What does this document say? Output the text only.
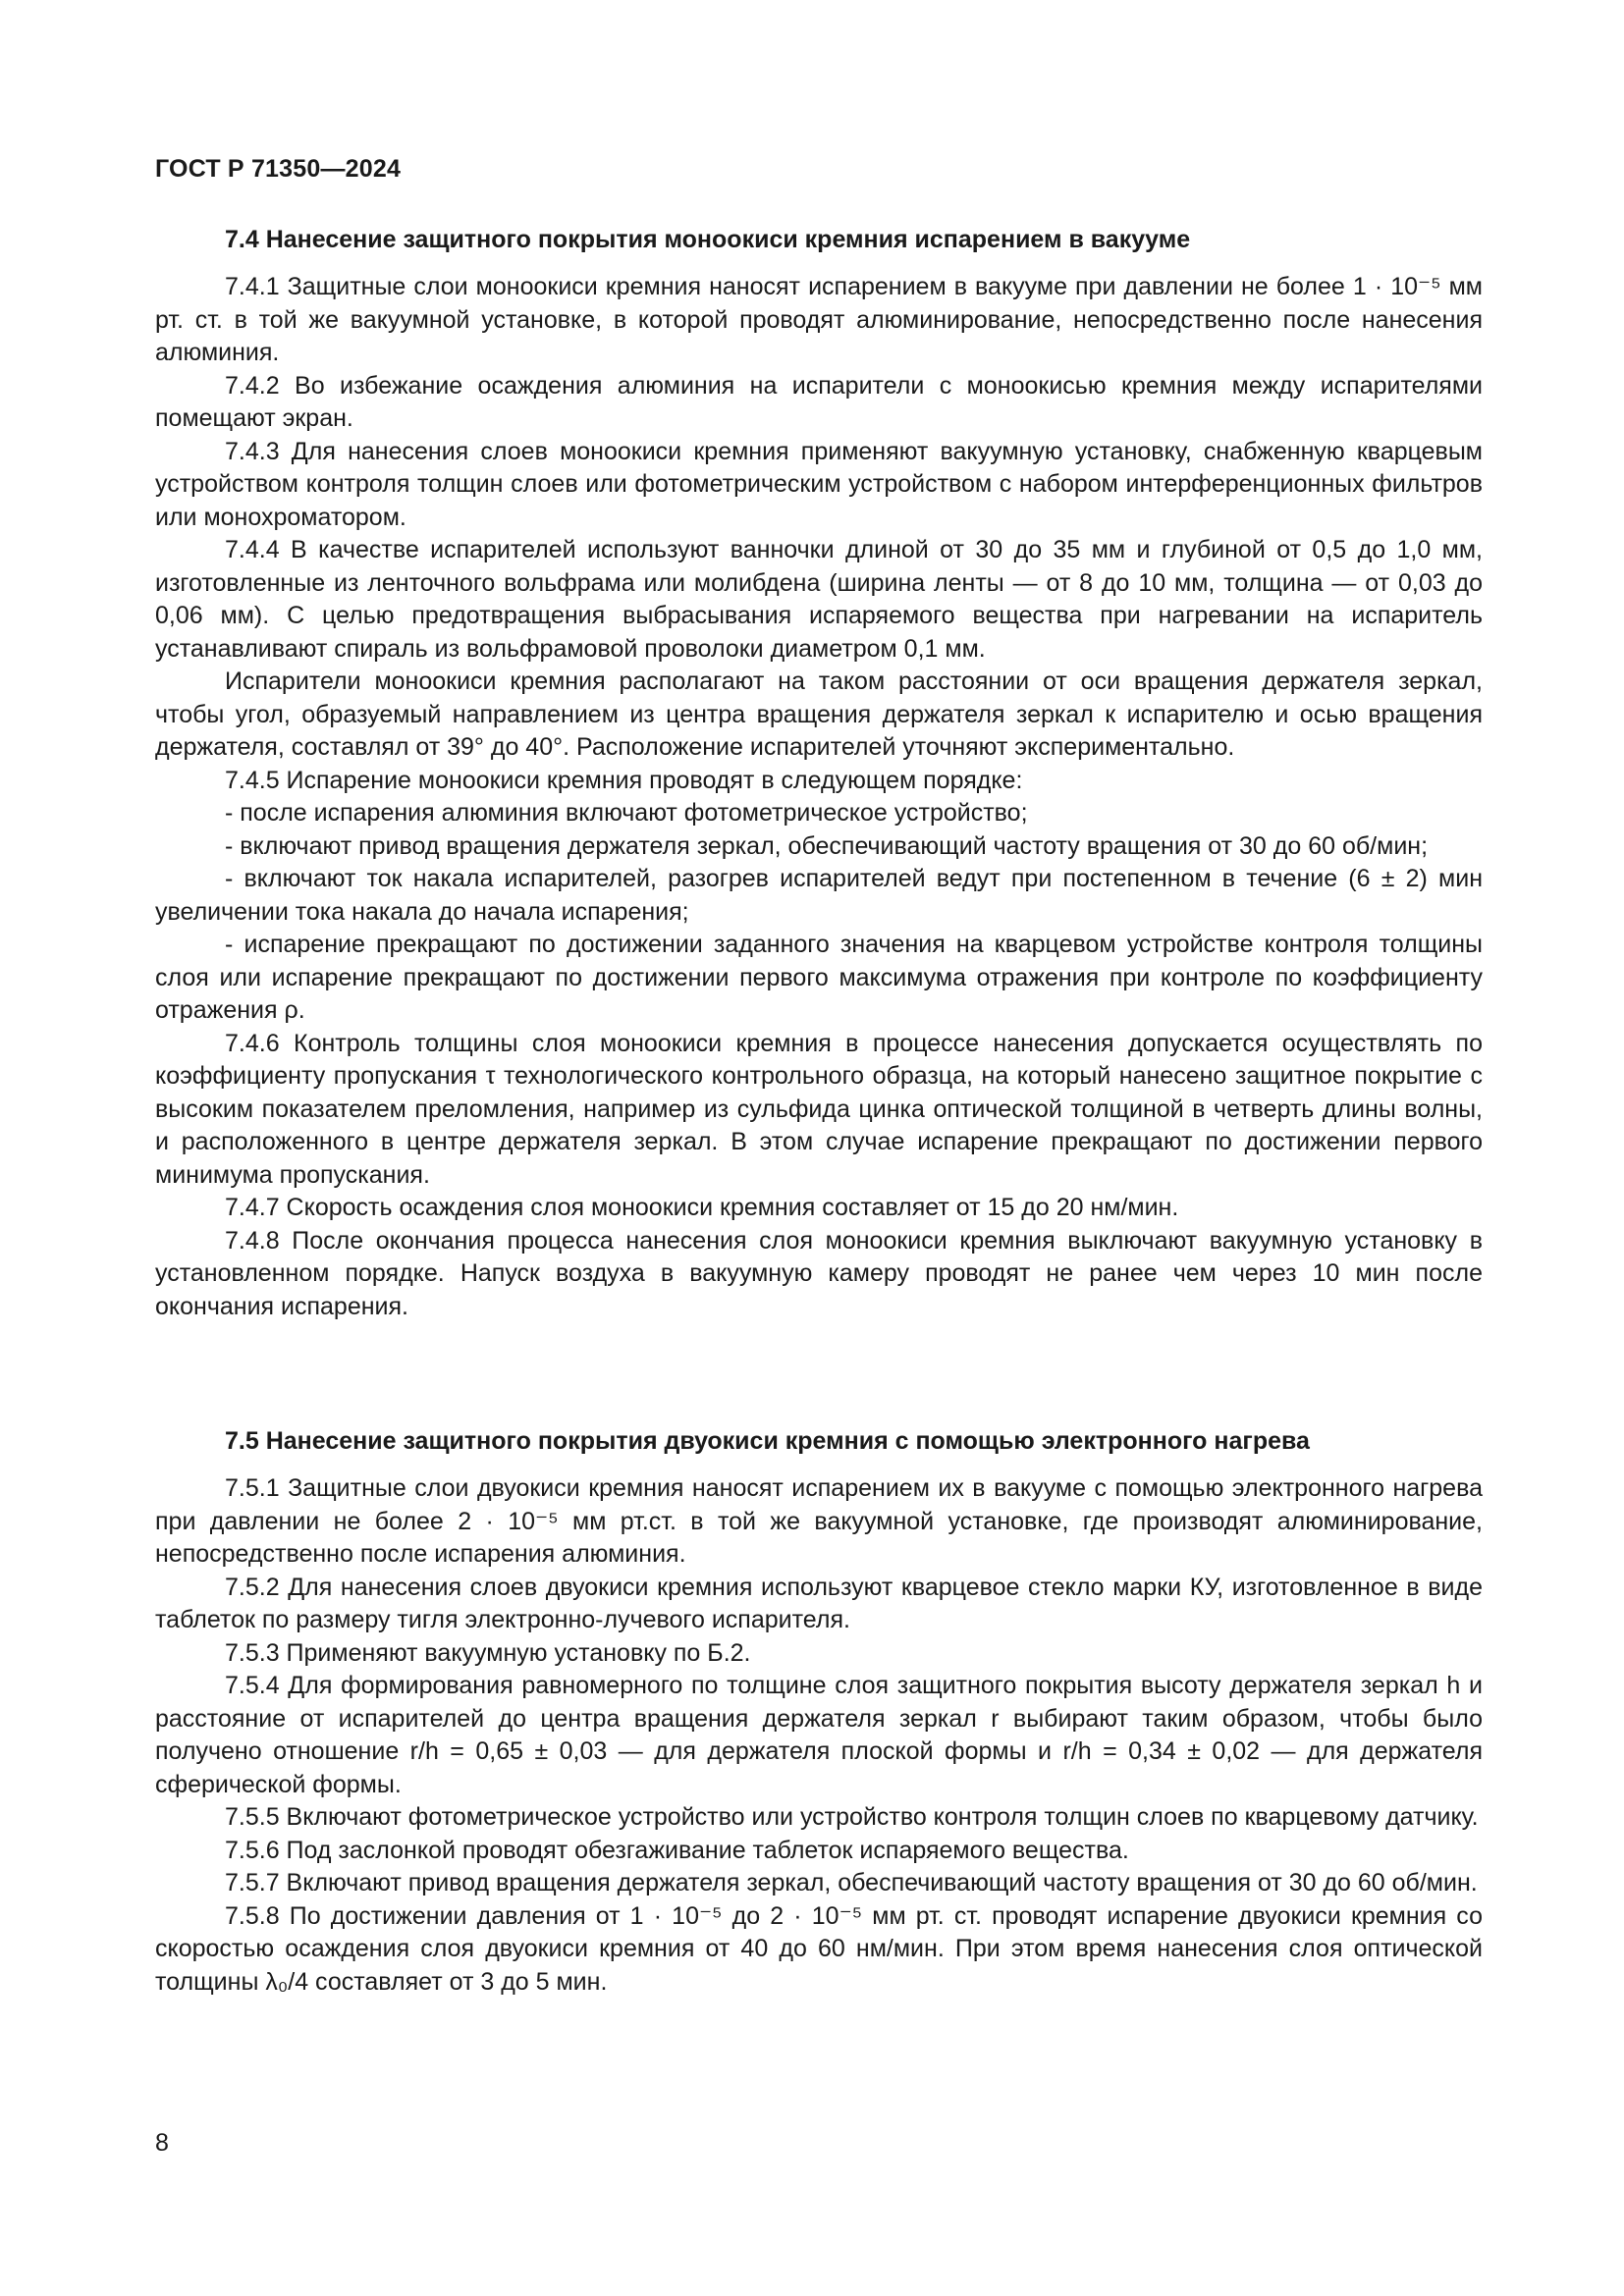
ГОСТ Р 71350—2024
7.4 Нанесение защитного покрытия моноокиси кремния испарением в вакууме

7.4.1 Защитные слои моноокиси кремния наносят испарением в вакууме при давлении не более 1 · 10⁻⁵ мм рт. ст. в той же вакуумной установке, в которой проводят алюминирование, непосредственно после нанесения алюминия.

7.4.2 Во избежание осаждения алюминия на испарители с моноокисью кремния между испарителями помещают экран.

7.4.3 Для нанесения слоев моноокиси кремния применяют вакуумную установку, снабженную кварцевым устройством контроля толщин слоев или фотометрическим устройством с набором интерференционных фильтров или монохроматором.

7.4.4 В качестве испарителей используют ванночки длиной от 30 до 35 мм и глубиной от 0,5 до 1,0 мм, изготовленные из ленточного вольфрама или молибдена (ширина ленты — от 8 до 10 мм, толщина — от 0,03 до 0,06 мм). С целью предотвращения выбрасывания испаряемого вещества при нагревании на испаритель устанавливают спираль из вольфрамовой проволоки диаметром 0,1 мм.

Испарители моноокиси кремния располагают на таком расстоянии от оси вращения держателя зеркал, чтобы угол, образуемый направлением из центра вращения держателя зеркал к испарителю и осью вращения держателя, составлял от 39° до 40°. Расположение испарителей уточняют экспериментально.

7.4.5 Испарение моноокиси кремния проводят в следующем порядке:

- после испарения алюминия включают фотометрическое устройство;

- включают привод вращения держателя зеркал, обеспечивающий частоту вращения от 30 до 60 об/мин;

- включают ток накала испарителей, разогрев испарителей ведут при постепенном в течение (6 ± 2) мин увеличении тока накала до начала испарения;

- испарение прекращают по достижении заданного значения на кварцевом устройстве контроля толщины слоя или испарение прекращают по достижении первого максимума отражения при контроле по коэффициенту отражения ρ.

7.4.6 Контроль толщины слоя моноокиси кремния в процессе нанесения допускается осуществлять по коэффициенту пропускания τ технологического контрольного образца, на который нанесено защитное покрытие с высоким показателем преломления, например из сульфида цинка оптической толщиной в четверть длины волны, и расположенного в центре держателя зеркал. В этом случае испарение прекращают по достижении первого минимума пропускания.

7.4.7 Скорость осаждения слоя моноокиси кремния составляет от 15 до 20 нм/мин.

7.4.8 После окончания процесса нанесения слоя моноокиси кремния выключают вакуумную установку в установленном порядке. Напуск воздуха в вакуумную камеру проводят не ранее чем через 10 мин после окончания испарения.

7.5 Нанесение защитного покрытия двуокиси кремния с помощью электронного нагрева

7.5.1 Защитные слои двуокиси кремния наносят испарением их в вакууме с помощью электронного нагрева при давлении не более 2 · 10⁻⁵ мм рт.ст. в той же вакуумной установке, где производят алюминирование, непосредственно после испарения алюминия.

7.5.2 Для нанесения слоев двуокиси кремния используют кварцевое стекло марки КУ, изготовленное в виде таблеток по размеру тигля электронно-лучевого испарителя.

7.5.3 Применяют вакуумную установку по Б.2.

7.5.4 Для формирования равномерного по толщине слоя защитного покрытия высоту держателя зеркал h и расстояние от испарителей до центра вращения держателя зеркал r выбирают таким образом, чтобы было получено отношение r/h = 0,65 ± 0,03 — для держателя плоской формы и r/h = 0,34 ± 0,02 — для держателя сферической формы.

7.5.5 Включают фотометрическое устройство или устройство контроля толщин слоев по кварцевому датчику.

7.5.6 Под заслонкой проводят обезгаживание таблеток испаряемого вещества.

7.5.7 Включают привод вращения держателя зеркал, обеспечивающий частоту вращения от 30 до 60 об/мин.

7.5.8 По достижении давления от 1 · 10⁻⁵ до 2 · 10⁻⁵ мм рт. ст. проводят испарение двуокиси кремния со скоростью осаждения слоя двуокиси кремния от 40 до 60 нм/мин. При этом время нанесения слоя оптической толщины λ₀/4 составляет от 3 до 5 мин.

8
